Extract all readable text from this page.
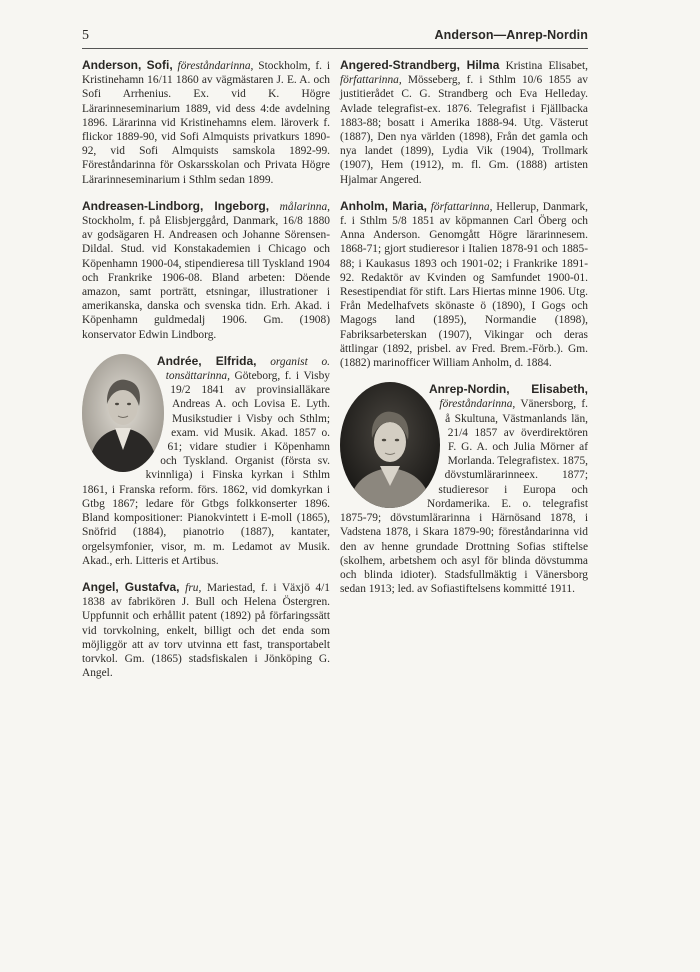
5	Anderson—Anrep-Nordin

Anderson, Sofi, föreståndarinna, Stockholm, f. i Kristinehamn 16/11 1860 av vägmästaren J. E. A. och Sofi Arrhenius. Ex. vid K. Högre Lärarinneseminarium 1889, vid dess 4:de avdelning 1896. Lärarinna vid Kristinehamns elem. läroverk f. flickor 1889-90, vid Sofi Almquists privatkurs 1890-92, vid Sofi Almquists samskola 1892-99. Föreståndarinna för Oskarsskolan och Privata Högre Lärarinneseminarium i Sthlm sedan 1899.

Andreasen-Lindborg, Ingeborg, målarinna, Stockholm, f. på Elisbjerggård, Danmark, 16/8 1880 av godsägaren H. Andreasen och Johanne Sörensen-Dildal. Stud. vid Konstakademien i Chicago och Köpenhamn 1900-04, stipendieresa till Tyskland 1904 och Frankrike 1906-08. Bland arbeten: Döende amazon, samt porträtt, etsningar, illustrationer i amerikanska, danska och svenska tidn. Erh. Akad. i Köpenhamn guldmedalj 1906. Gm. (1908) konservator Edwin Lindborg.

Andrée, Elfrida, organist o. tonsättarinna, Göteborg, f. i Visby 19/2 1841 av provinsialläkare Andreas A. och Lovisa E. Lyth. Musikstudier i Visby och Sthlm; exam. vid Musik. Akad. 1857 o. 61; vidare studier i Köpenhamn och Tyskland. Organist (första sv. kvinnliga) i Finska kyrkan i Sthlm 1861, i Franska reform. förs. 1862, vid domkyrkan i Gtbg 1867; ledare för Gtbgs folkkonserter 1896. Bland kompositioner: Pianokvintett i E-moll (1865), Snöfrid (1884), pianotrio (1887), kantater, orgelsymfonier, visor, m. m. Ledamot av Musik. Akad., erh. Litteris et Artibus.

Angel, Gustafva, fru, Mariestad, f. i Växjö 4/1 1838 av fabrikören J. Bull och Helena Östergren. Uppfunnit och erhållit patent (1892) på förfaringssätt vid torvkolning, enkelt, billigt och det enda som möjliggör att av torv utvinna ett fast, transportabelt torvkol. Gm. (1865) stadsfiskalen i Jönköping G. Angel.

Angered-Strandberg, Hilma Kristina Elisabet, författarinna, Mösseberg, f. i Sthlm 10/6 1855 av justitierådet C. G. Strandberg och Eva Helleday. Avlade telegrafist-ex. 1876. Telegrafist i Fjällbacka 1883-88; bosatt i Amerika 1888-94. Utg. Västerut (1887), Den nya världen (1898), Från det gamla och nya landet (1899), Lydia Vik (1904), Trollmark (1907), Hem (1912), m. fl. Gm. (1888) artisten Hjalmar Angered.

Anholm, Maria, författarinna, Hellerup, Danmark, f. i Sthlm 5/8 1851 av köpmannen Carl Öberg och Anna Anderson. Genomgått Högre lärarinnesem. 1868-71; gjort studieresor i Italien 1878-91 och 1885-88; i Kaukasus 1893 och 1901-02; i Frankrike 1891-92. Redaktör av Kvinden og Samfundet 1900-01. Resestipendiat för stift. Lars Hiertas minne 1906. Utg. Från Medelhafvets skönaste ö (1890), I Gogs och Magogs land (1895), Normandie (1898), Fabriksarbeterskan (1907), Vikingar och deras ättlingar (1892, prisbel. av Fred. Brem.-Förb.). Gm. (1882) marinofficer William Anholm, d. 1884.

Anrep-Nordin, Elisabeth, föreståndarinna, Vänersborg, f. å Skultuna, Västmanlands län, 21/4 1857 av överdirektören F. G. A. och Julia Mörner af Morlanda. Telegrafistex. 1875, dövstumlärarinneex. 1877; studieresor i Europa och Nordamerika. E. o. telegrafist 1875-79; dövstumlärarinna i Härnösand 1878, i Vadstena 1878, i Skara 1879-90; föreståndarinna vid den av henne grundade Drottning Sofias stiftelse (skolhem, arbetshem och asyl för blinda dövstumma och blinda idioter). Stadsfullmäktig i Vänersborg sedan 1913; led. av Sofiastiftelsens kommitté 1911.
